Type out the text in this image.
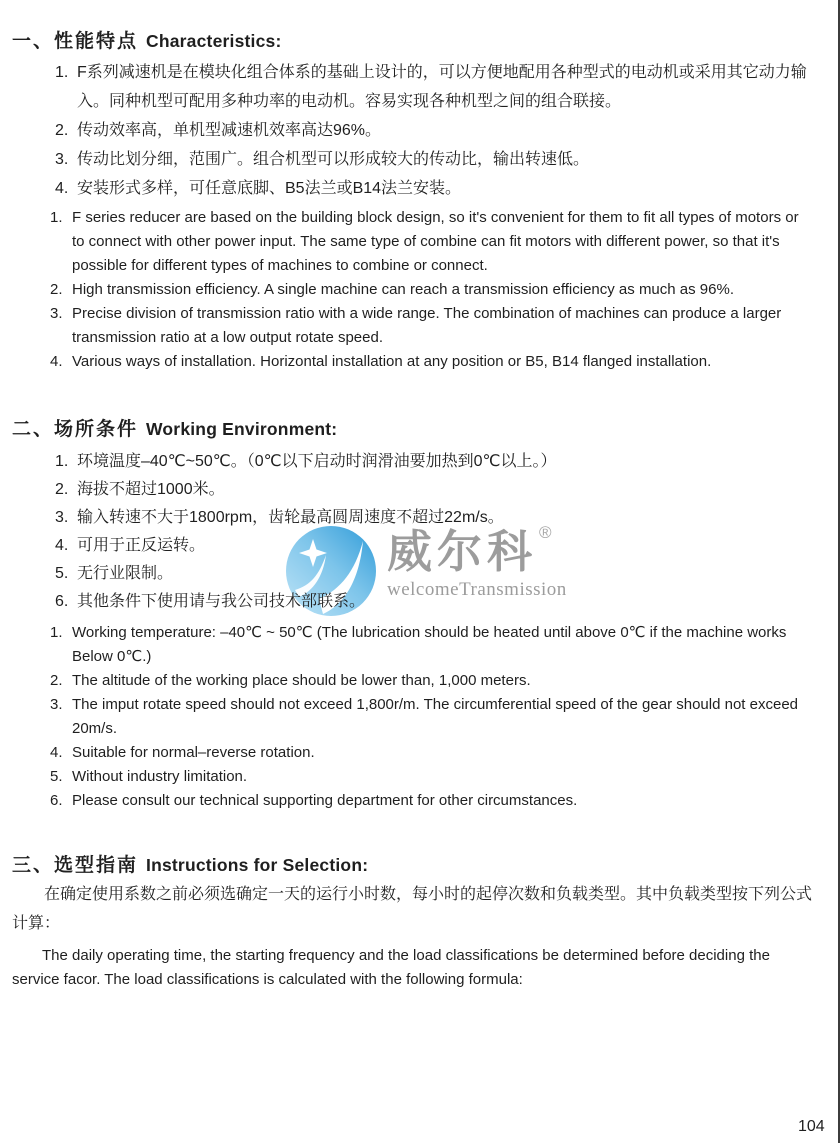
一、性能特点 Characteristics:
1. F系列减速机是在模块化组合体系的基础上设计的，可以方便地配用各种型式的电动机或采用其它动力输入。同种机型可配用多种功率的电动机。容易实现各种机型之间的组合联接。
2. 传动效率高，单机型减速机效率高达96%。
3. 传动比划分细，范围广。组合机型可以形成较大的传动比，输出转速低。
4. 安装形式多样，可任意底脚、B5法兰或B14法兰安装。
1. F series reducer are based on the building block design, so it's convenient for them to fit all types of motors or to connect with other power input. The same type of combine can fit motors with different power, so that it's possible for different types of machines to combine or connect.
2. High transmission efficiency. A single machine can reach a transmission efficiency as much as 96%.
3. Precise division of transmission ratio with a wide range. The combination of machines can produce a larger transmission ratio at a low output rotate speed.
4. Various ways of installation. Horizontal installation at any position or B5, B14 flanged installation.
二、场所条件 Working Environment:
威尔科 ®
welcomeTransmission
1. 环境温度–40℃~50℃。（0℃以下启动时润滑油要加热到0℃以上。）
2. 海拔不超过1000米。
3. 输入转速不大于1800rpm，齿轮最高圆周速度不超过22m/s。
4. 可用于正反运转。
5. 无行业限制。
6. 其他条件下使用请与我公司技术部联系。
1. Working temperature: –40℃ ~ 50℃ (The lubrication should be heated until above 0℃ if the machine works Below 0℃.)
2. The altitude of the working place should be lower than, 1,000 meters.
3. The imput rotate speed should not exceed 1,800r/m. The circumferential speed of the gear should not exceed 20m/s.
4. Suitable for normal–reverse rotation.
5. Without industry limitation.
6. Please consult our technical supporting department for other circumstances.
三、选型指南 Instructions for Selection:

在确定使用系数之前必须选确定一天的运行小时数，每小时的起停次数和负载类型。其中负载类型按下列公式计算：

The daily operating time, the starting frequency and the load classifications be determined before deciding the service facor. The load classifications is calculated with the following formula:

104
